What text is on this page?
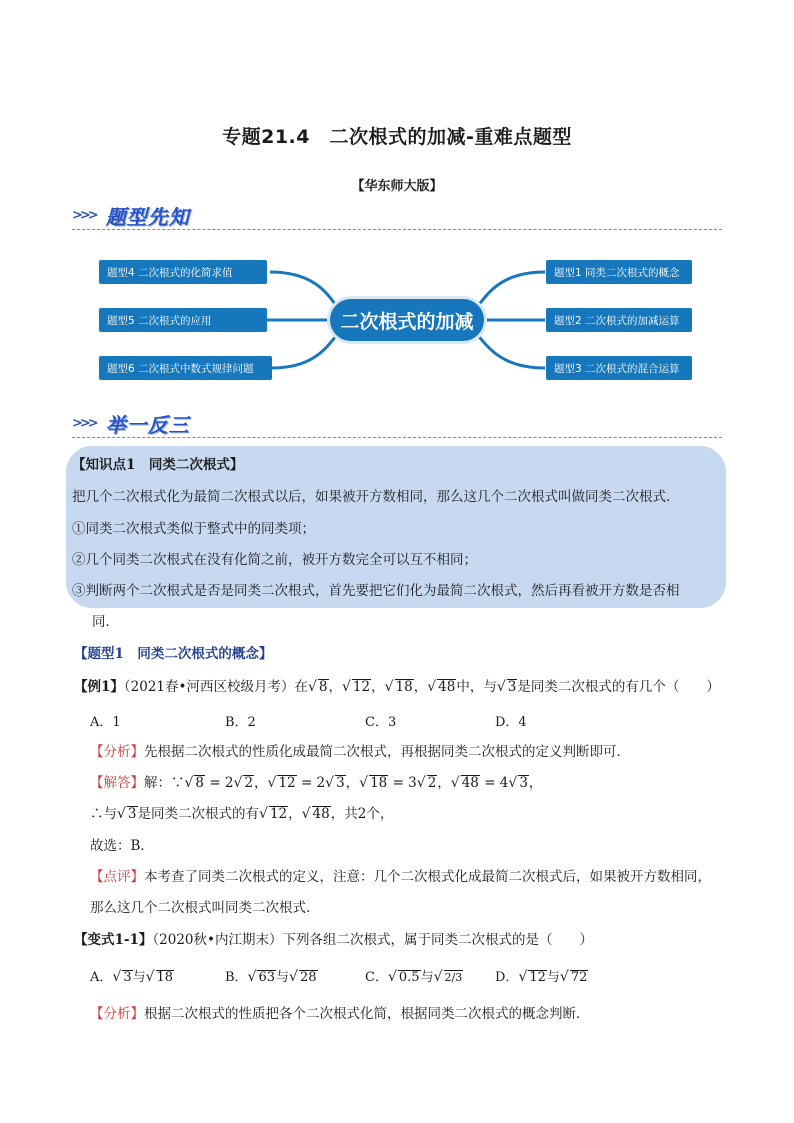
专题21.4　二次根式的加减-重难点题型
【华东师大版】
>>> 题型先知
题型4 二次根式的化简求值
题型5 二次根式的应用
题型6 二次根式中数式规律问题
二次根式的加减
题型1 同类二次根式的概念
题型2 二次根式的加减运算
题型3 二次根式的混合运算
>>> 举一反三
【知识点1　同类二次根式】
把几个二次根式化为最简二次根式以后，如果被开方数相同，那么这几个二次根式叫做同类二次根式．
①同类二次根式类似于整式中的同类项；
②几个同类二次根式在没有化简之前，被开方数完全可以互不相同；
③判断两个二次根式是否是同类二次根式，首先要把它们化为最简二次根式，然后再看被开方数是否相
同．
【题型1　同类二次根式的概念】
【例1】（2021春•河西区校级月考）在√ 8，√ 12，√ 18，√ 48中，与√ 3是同类二次根式的有几个（　　）
A．1	B．2	C．3	D．4
【分析】先根据二次根式的性质化成最简二次根式，再根据同类二次根式的定义判断即可．
【解答】解：∵√ 8 = 2√ 2，√ 12 = 2√ 3，√ 18 = 3√ 2，√ 48 = 4√ 3，
∴与√ 3是同类二次根式的有√ 12，√ 48，共2个，
故选：B．
【点评】本考查了同类二次根式的定义，注意：几个二次根式化成最简二次根式后，如果被开方数相同，
那么这几个二次根式叫同类二次根式．
【变式1-1】（2020秋•内江期末）下列各组二次根式，属于同类二次根式的是（　　）
A．√ 3与√ 18	B．√ 63与√ 28	C．√ 0.5与√ 2/3	D．√ 12与√ 72
【分析】根据二次根式的性质把各个二次根式化简，根据同类二次根式的概念判断．
